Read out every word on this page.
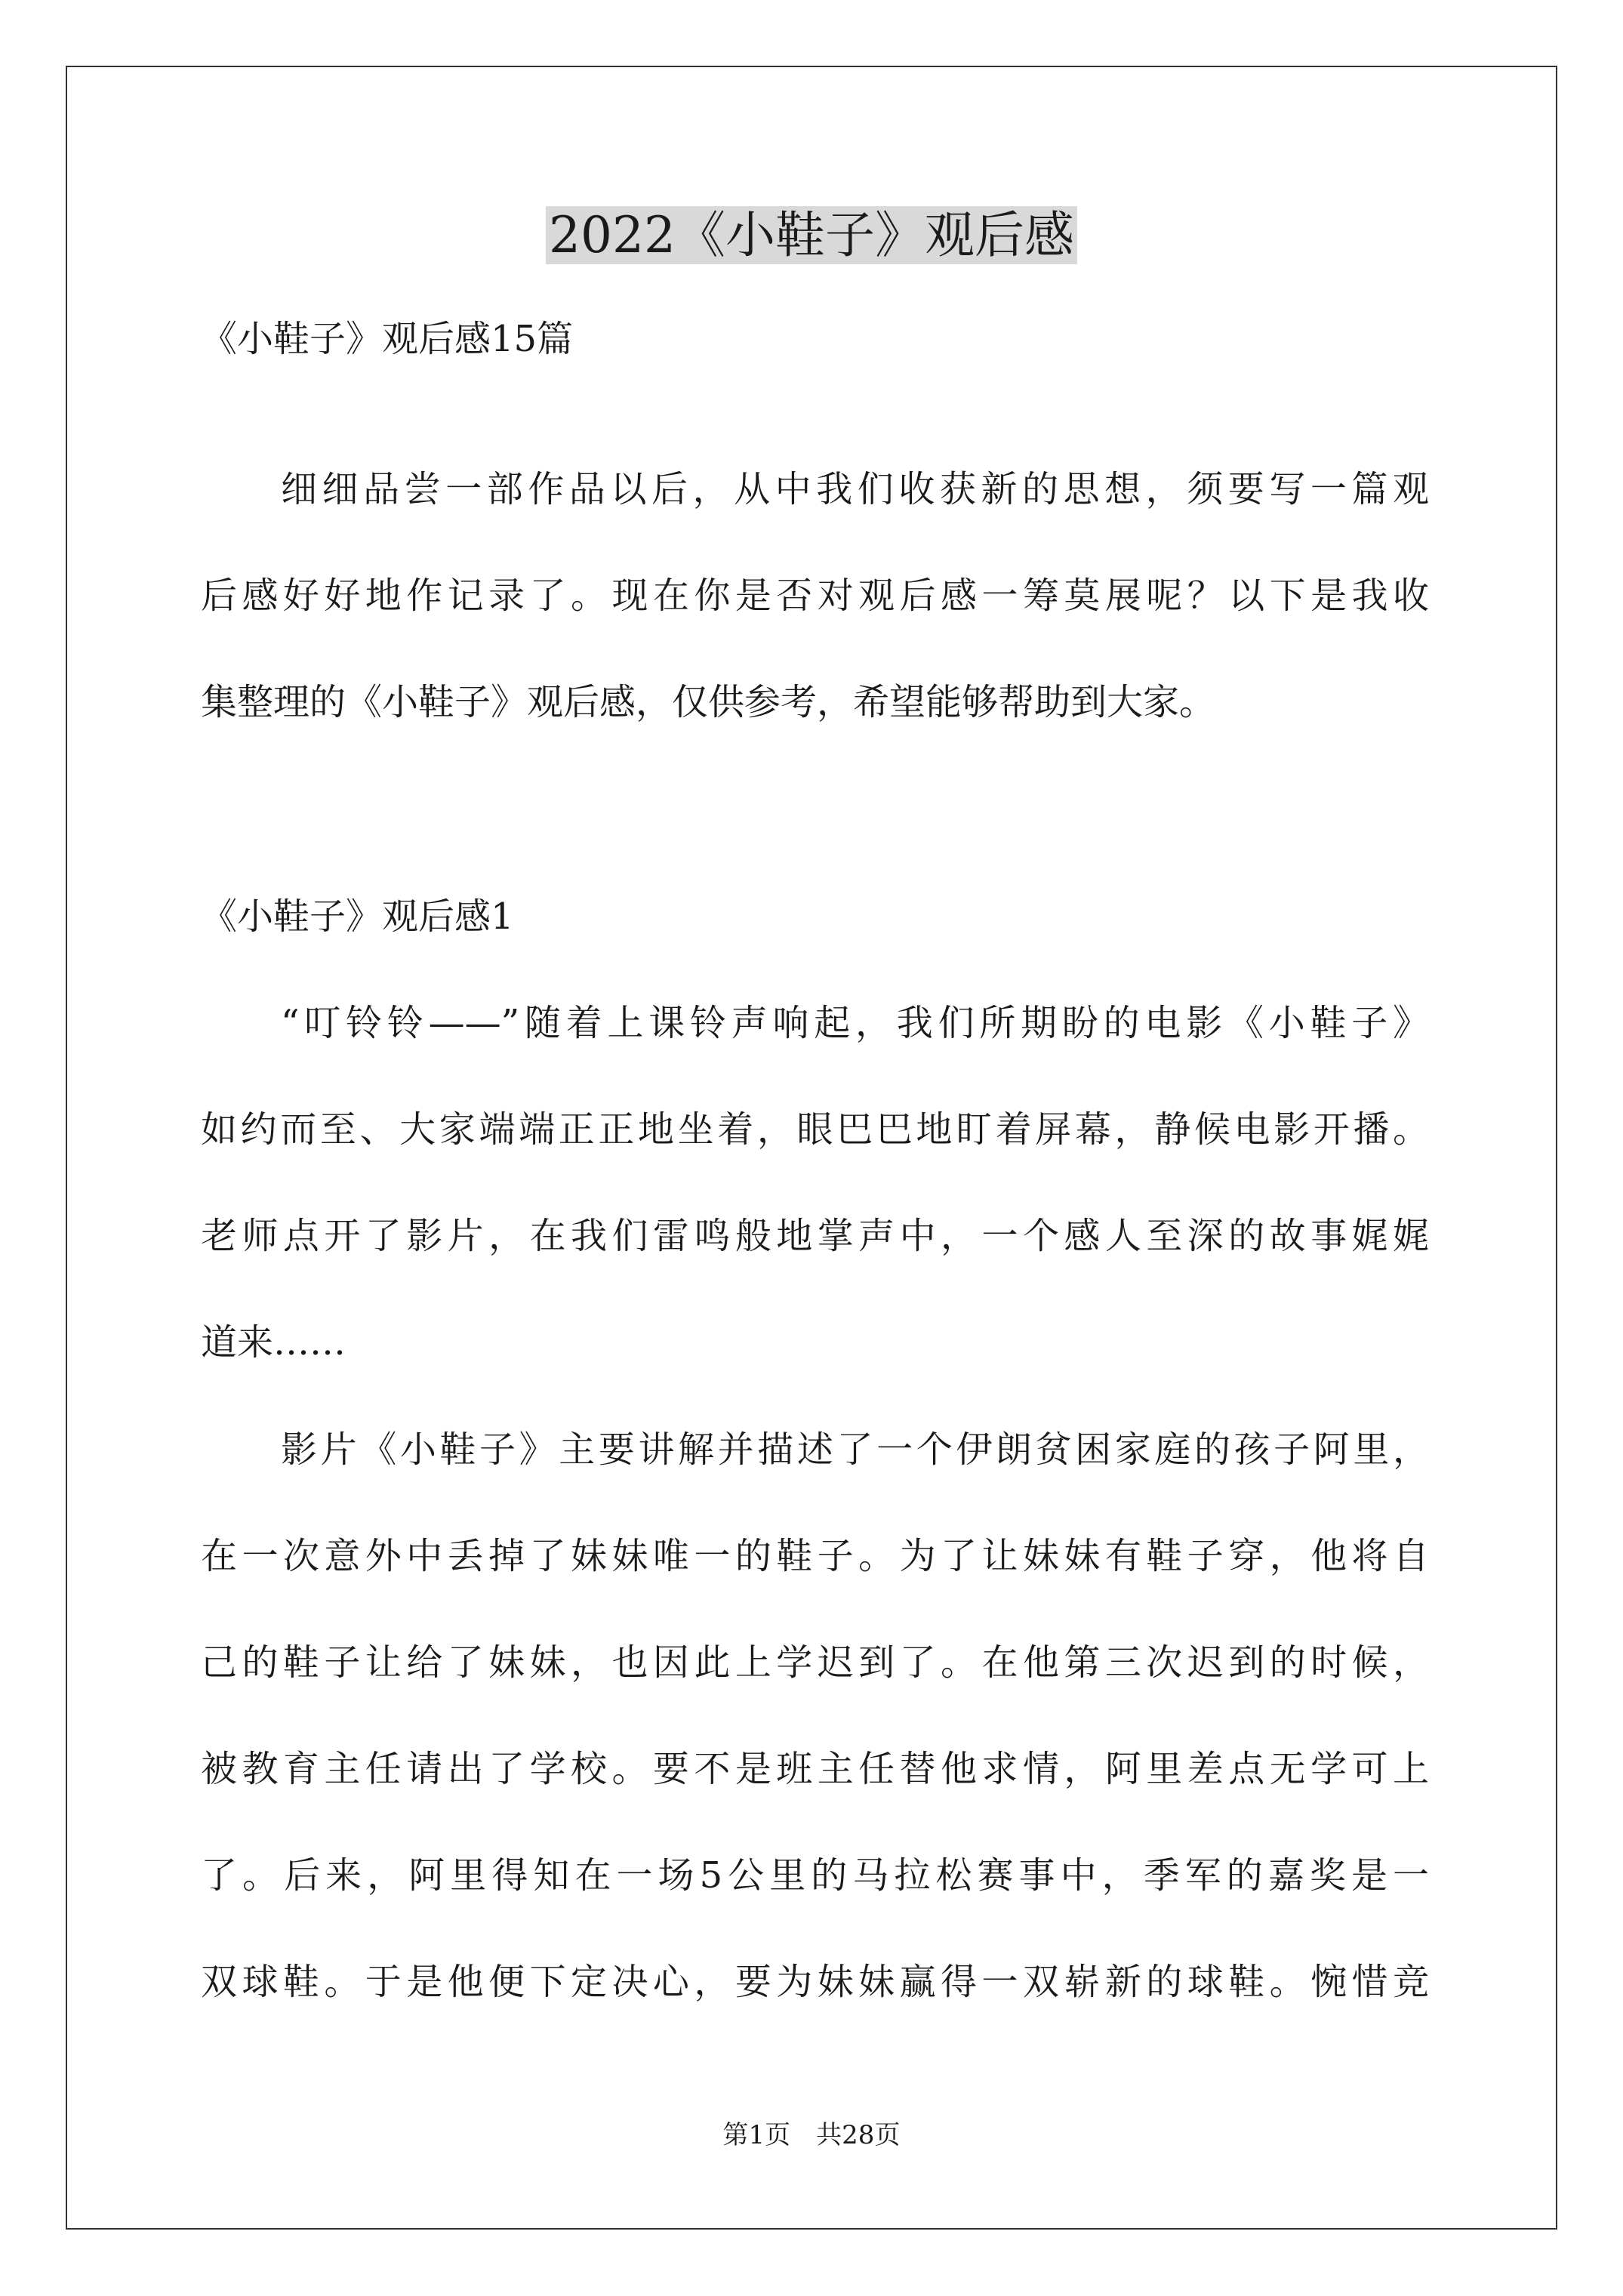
2022《小鞋子》观后感
《小鞋子》观后感15篇
细细品尝一部作品以后，从中我们收获新的思想，须要写一篇观
后感好好地作记录了。现在你是否对观后感一筹莫展呢？以下是我收
集整理的《小鞋子》观后感，仅供参考，希望能够帮助到大家。
《小鞋子》观后感1
“叮铃铃——”随着上课铃声响起，我们所期盼的电影《小鞋子》
如约而至、大家端端正正地坐着，眼巴巴地盯着屏幕，静候电影开播。
老师点开了影片，在我们雷鸣般地掌声中，一个感人至深的故事娓娓
道来……
影片《小鞋子》主要讲解并描述了一个伊朗贫困家庭的孩子阿里，
在一次意外中丢掉了妹妹唯一的鞋子。为了让妹妹有鞋子穿，他将自
己的鞋子让给了妹妹，也因此上学迟到了。在他第三次迟到的时候，
被教育主任请出了学校。要不是班主任替他求情，阿里差点无学可上
了。后来，阿里得知在一场5公里的马拉松赛事中，季军的嘉奖是一
双球鞋。于是他便下定决心，要为妹妹赢得一双崭新的球鞋。惋惜竞
第1页　共28页
